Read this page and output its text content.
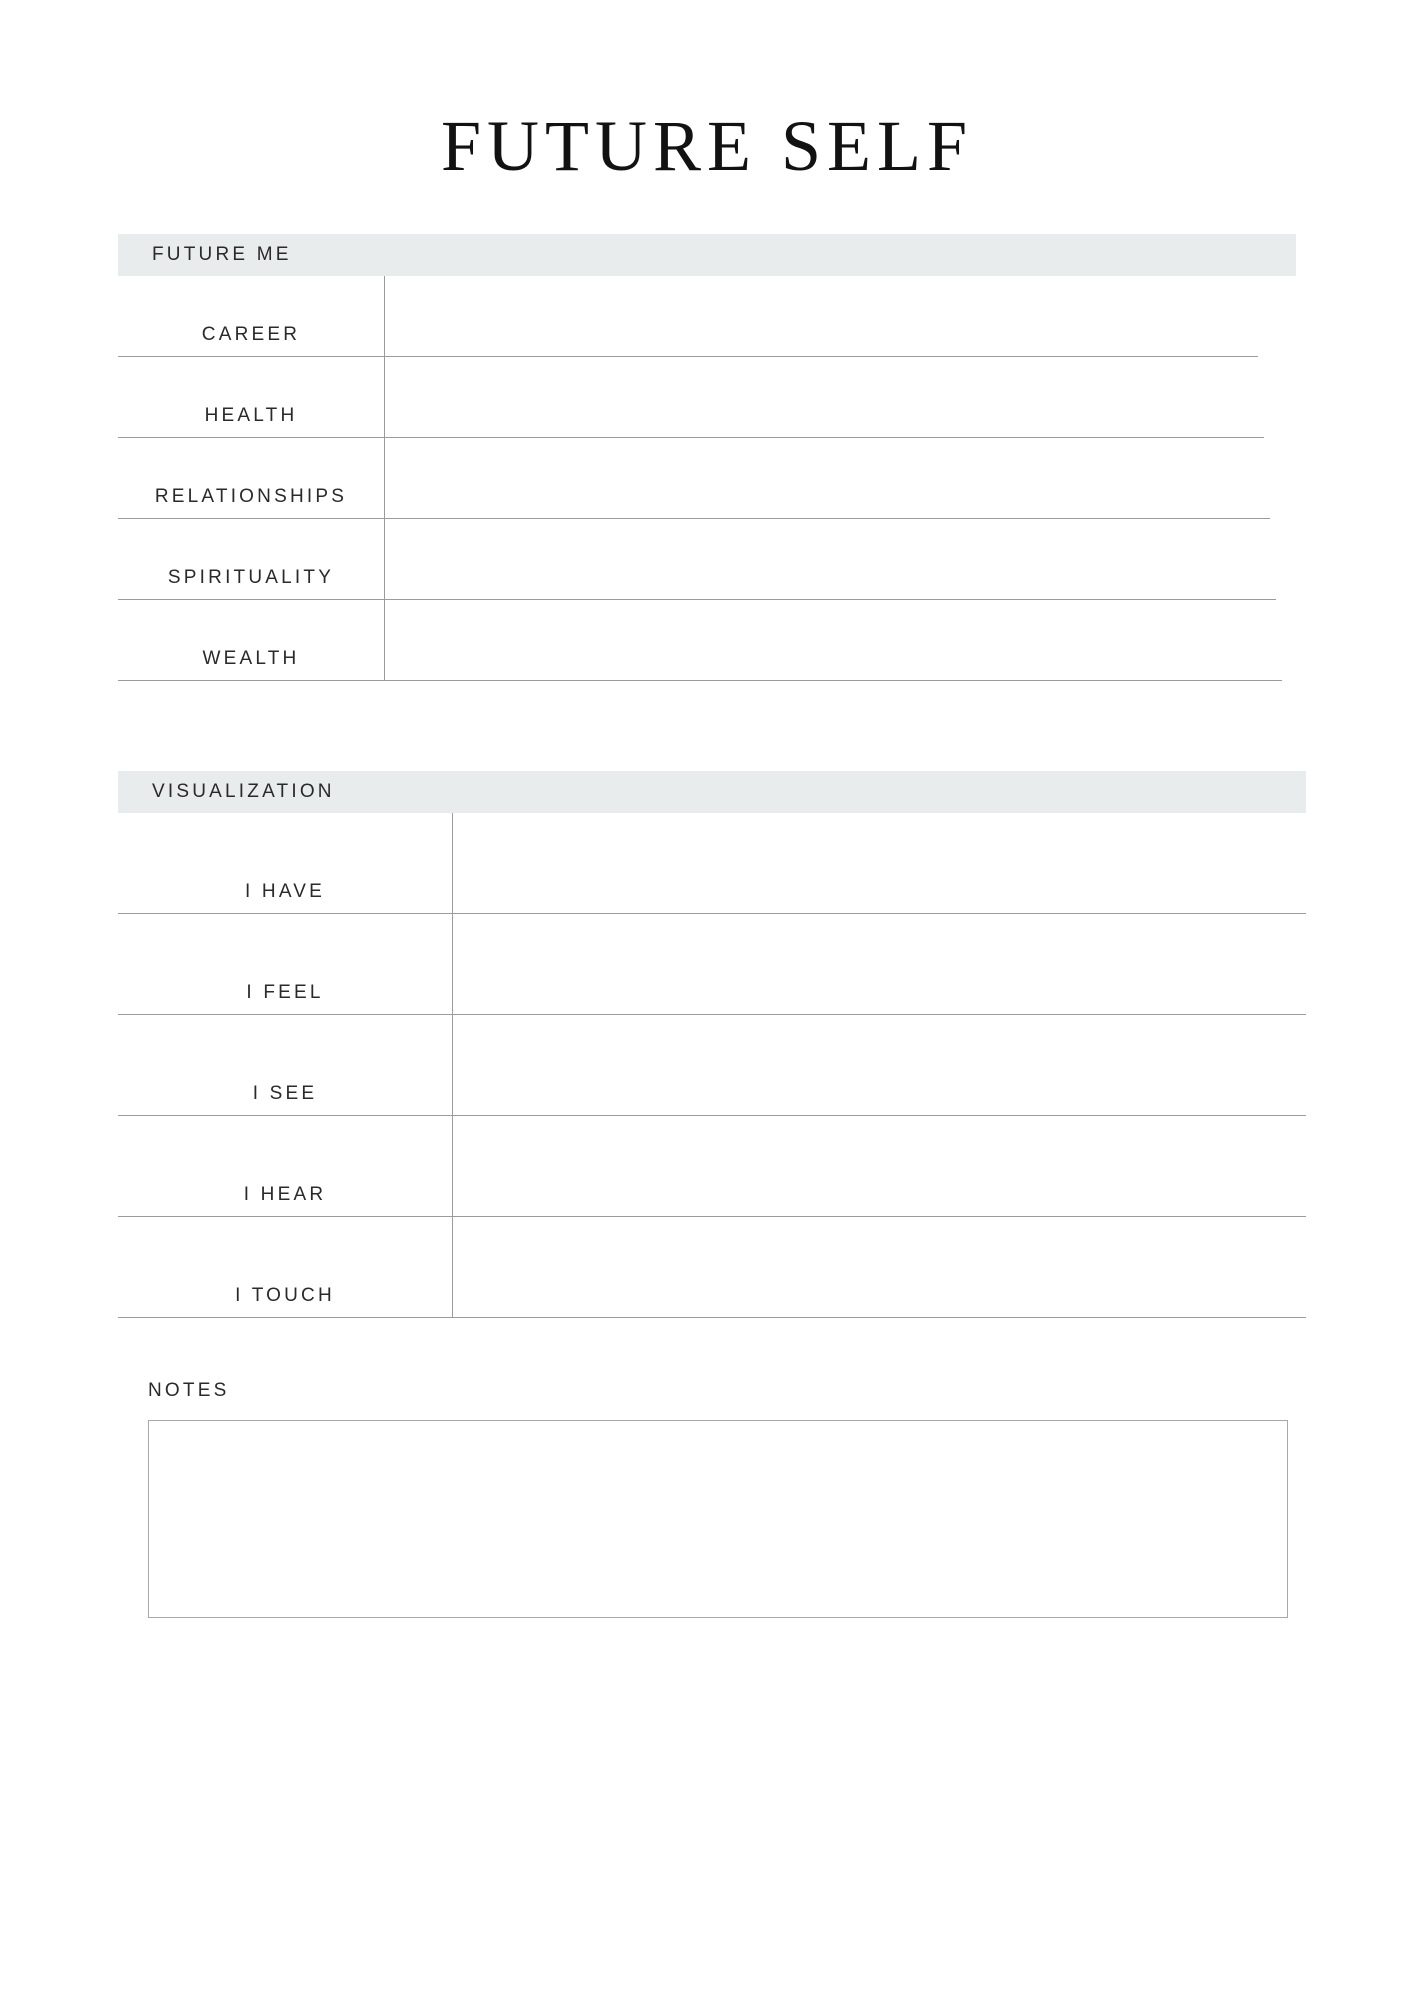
FUTURE SELF
FUTURE ME
CAREER
HEALTH
RELATIONSHIPS
SPIRITUALITY
WEALTH
VISUALIZATION
I HAVE
I FEEL
I SEE
I HEAR
I TOUCH
NOTES
